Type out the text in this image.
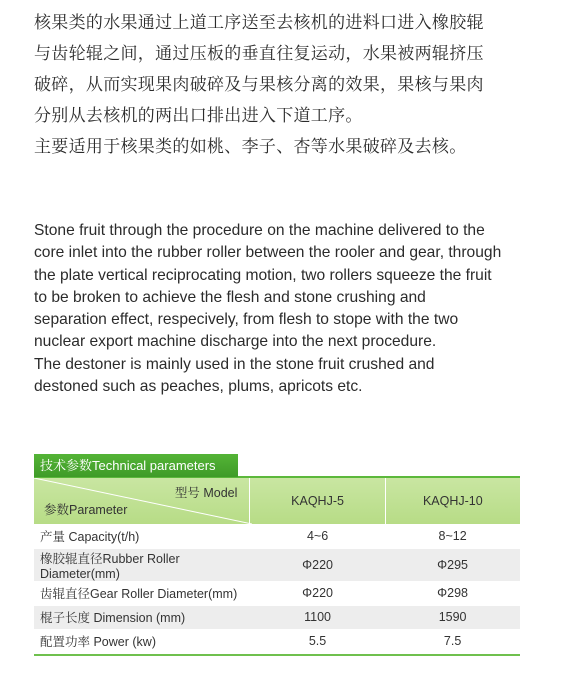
核果类的水果通过上道工序送至去核机的进料口进入橡胶辊
与齿轮辊之间，通过压板的垂直往复运动，水果被两辊挤压
破碎，从而实现果肉破碎及与果核分离的效果，果核与果肉
分别从去核机的两出口排出进入下道工序。
主要适用于核果类的如桃、李子、杏等水果破碎及去核。
Stone fruit through the procedure on the machine delivered to the
core inlet into the rubber roller between the rooler and gear, through
the plate vertical reciprocating motion, two rollers squeeze the fruit
to be broken to achieve the flesh and stone crushing and
separation effect, respecively, from flesh to stope with the two
nuclear export machine discharge into the next procedure.
The destoner is mainly used in the stone fruit crushed and
destoned such as peaches, plums, apricots etc.
技术参数Technical parameters
型号 Model
参数Parameter	KAQHJ-5	KAQHJ-10
产量 Capacity(t/h)	4~6	8~12
橡胶辊直径Rubber Roller Diameter(mm)	Φ220	Φ295
齿辊直径Gear Roller Diameter(mm)	Φ220	Φ298
棍子长度 Dimension (mm)	1100	1590
配置功率 Power (kw)	5.5	7.5
